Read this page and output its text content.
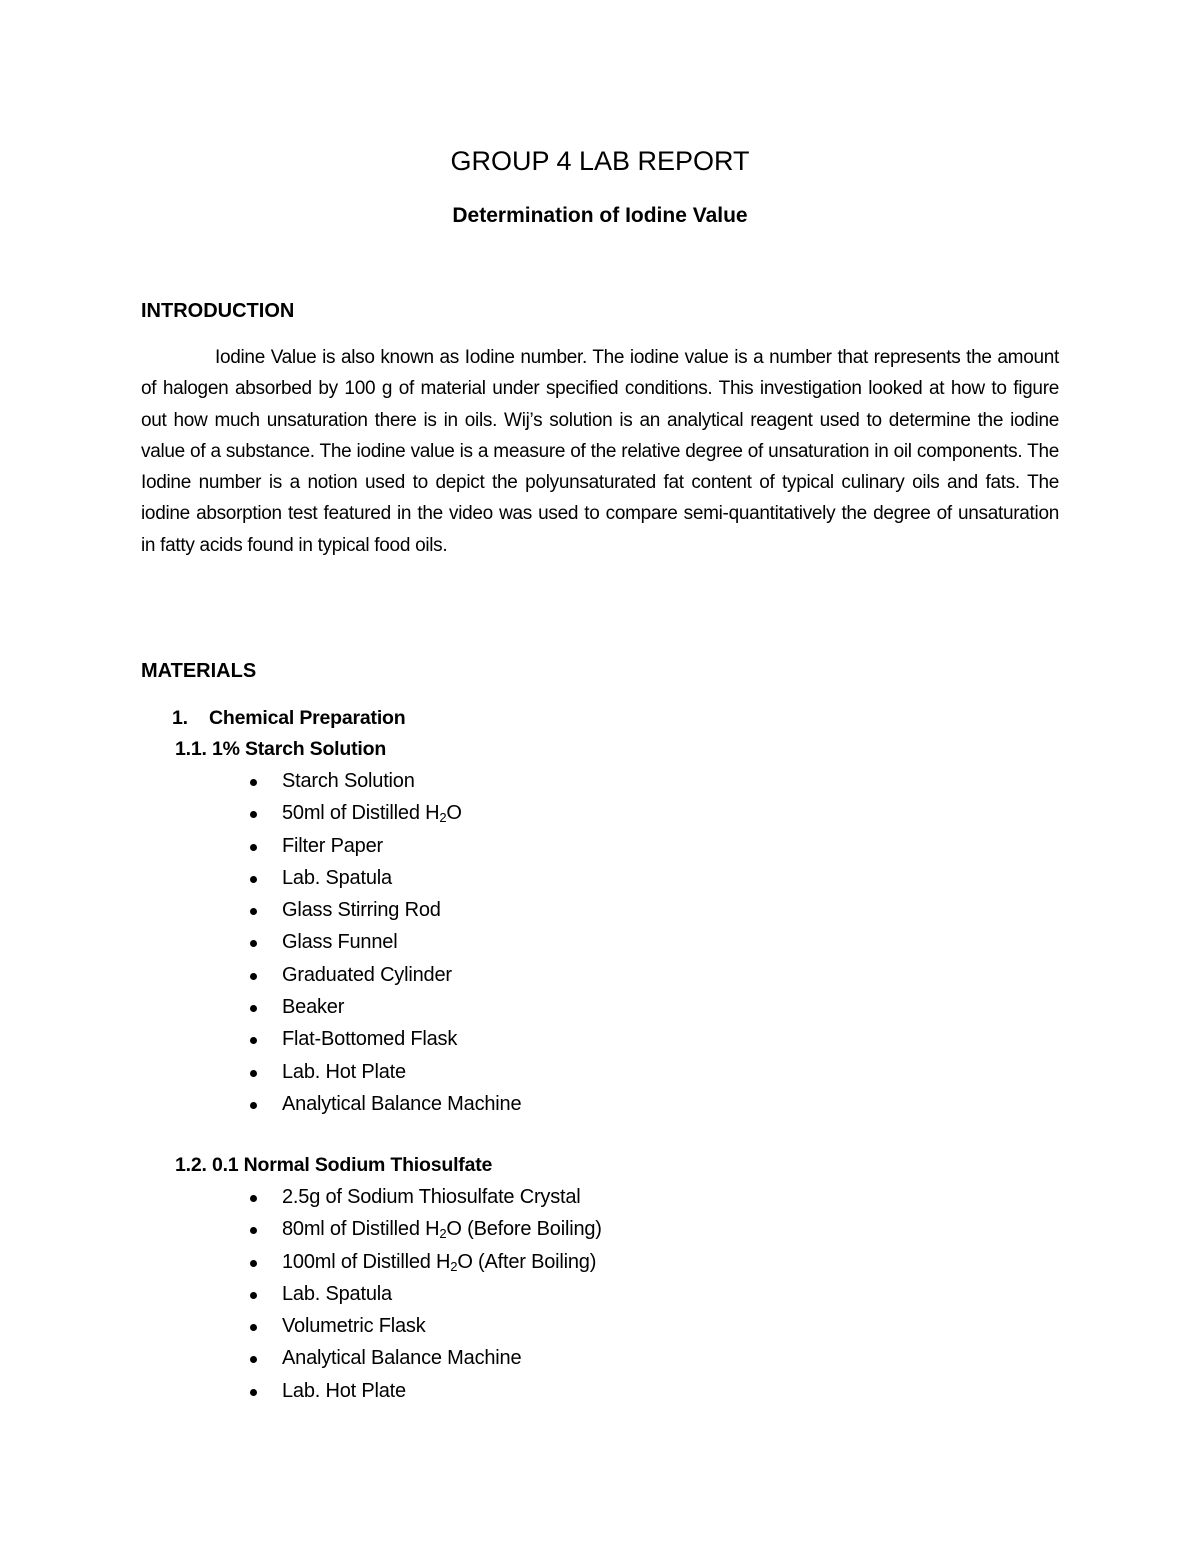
GROUP 4 LAB REPORT
Determination of Iodine Value
INTRODUCTION

Iodine Value is also known as Iodine number. The iodine value is a number that represents the amount of halogen absorbed by 100 g of material under specified conditions. This investigation looked at how to figure out how much unsaturation there is in oils. Wij’s solution is an analytical reagent used to determine the iodine value of a substance. The iodine value is a measure of the relative degree of unsaturation in oil components. The Iodine number is a notion used to depict the polyunsaturated fat content of typical culinary oils and fats. The iodine absorption test featured in the video was used to compare semi-quantitatively the degree of unsaturation in fatty acids found in typical food oils.

MATERIALS
1. Chemical Preparation
1.1. 1% Starch Solution
Starch Solution
50ml of Distilled $H_2O$
Filter Paper
Lab. Spatula
Glass Stirring Rod
Glass Funnel
Graduated Cylinder
Beaker
Flat-Bottomed Flask
Lab. Hot Plate
Analytical Balance Machine
1.2. 0.1 Normal Sodium Thiosulfate
2.5g of Sodium Thiosulfate Crystal
80ml of Distilled $H_2O$ (Before Boiling)
100ml of Distilled $H_2O$ (After Boiling)
Lab. Spatula
Volumetric Flask
Analytical Balance Machine
Lab. Hot Plate
